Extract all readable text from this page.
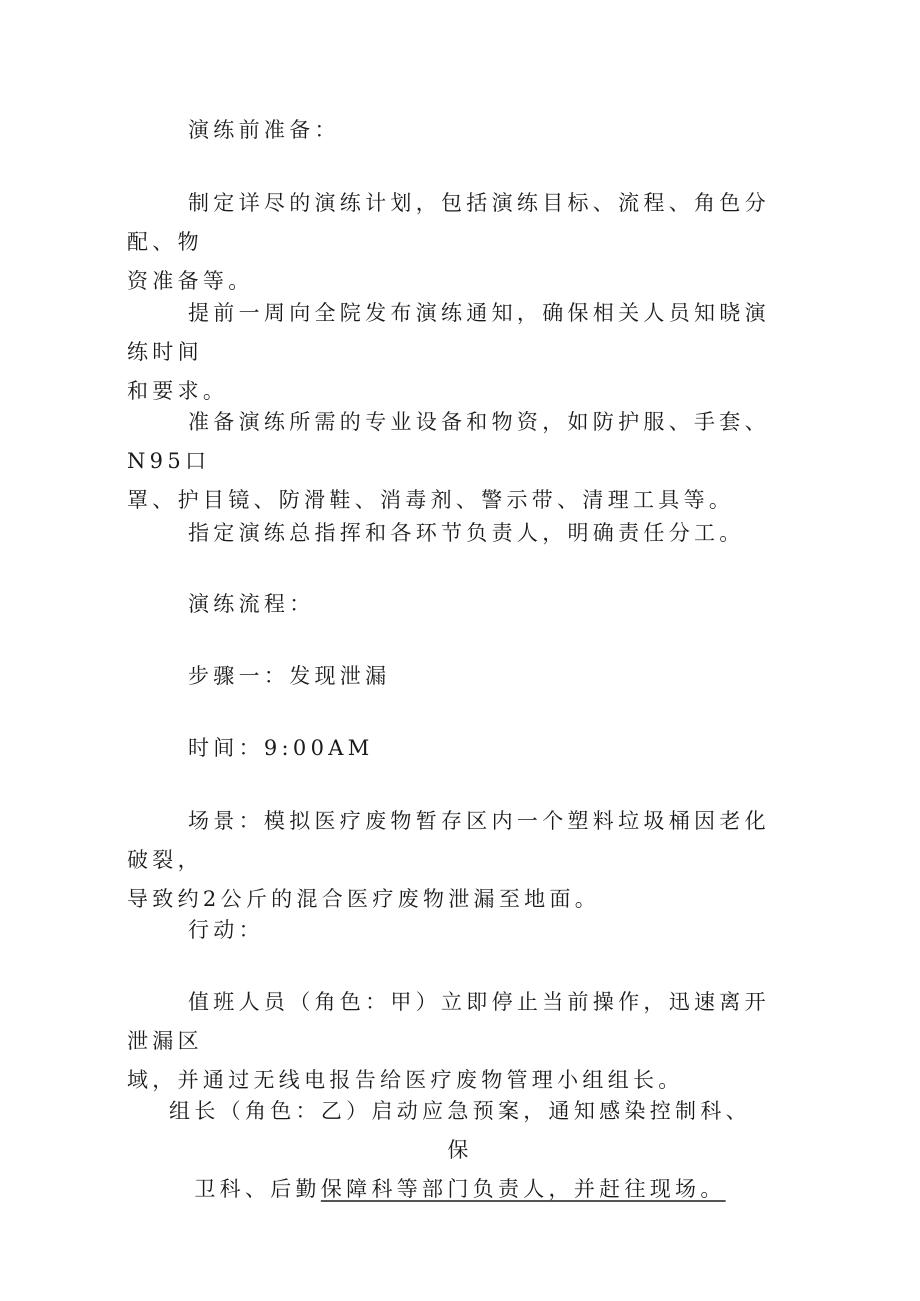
演练前准备：

制定详尽的演练计划，包括演练目标、流程、角色分配、物
资准备等。

提前一周向全院发布演练通知，确保相关人员知晓演练时间
和要求。

准备演练所需的专业设备和物资，如防护服、手套、N95口
罩、护目镜、防滑鞋、消毒剂、警示带、清理工具等。

指定演练总指挥和各环节负责人，明确责任分工。

演练流程：

步骤一：发现泄漏

时间：9:00AM

场景：模拟医疗废物暂存区内一个塑料垃圾桶因老化破裂，
导致约2公斤的混合医疗废物泄漏至地面。

行动：

值班人员（角色：甲）立即停止当前操作，迅速离开泄漏区
域，并通过无线电报告给医疗废物管理小组组长。

组长（角色：乙）启动应急预案，通知感染控制科、保
卫科、后勤保障科等部门负责人，并赶往现场。
